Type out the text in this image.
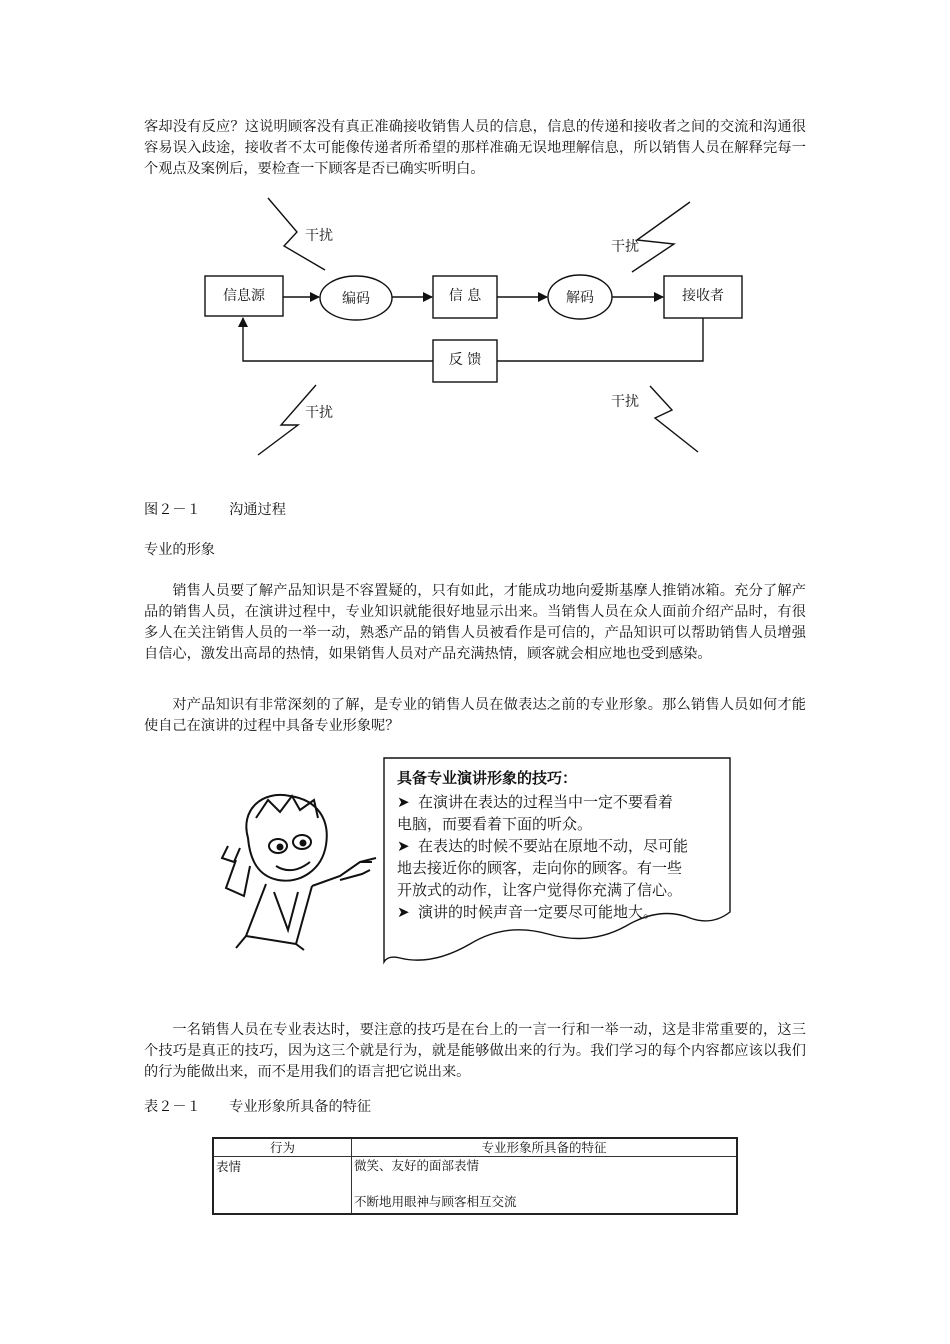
客却没有反应？这说明顾客没有真正准确接收销售人员的信息，信息的传递和接收者之间的交流和沟通很容易误入歧途，接收者不太可能像传递者所希望的那样准确无误地理解信息，所以销售人员在解释完每一个观点及案例后，要检查一下顾客是否已确实听明白。

信息源	编码	信 息	解码	接收者
反 馈
干扰
干扰
干扰
干扰

图２－１　　沟通过程

专业的形象

销售人员要了解产品知识是不容置疑的，只有如此，才能成功地向爱斯基摩人推销冰箱。充分了解产品的销售人员，在演讲过程中，专业知识就能很好地显示出来。当销售人员在众人面前介绍产品时，有很多人在关注销售人员的一举一动，熟悉产品的销售人员被看作是可信的，产品知识可以帮助销售人员增强自信心，激发出高昂的热情，如果销售人员对产品充满热情，顾客就会相应地也受到感染。

对产品知识有非常深刻的了解，是专业的销售人员在做表达之前的专业形象。那么销售人员如何才能使自己在演讲的过程中具备专业形象呢？

具备专业演讲形象的技巧：
➤ 在演讲在表达的过程当中一定不要看着
电脑，而要看着下面的听众。
➤ 在表达的时候不要站在原地不动，尽可能
地去接近你的顾客，走向你的顾客。有一些
开放式的动作，让客户觉得你充满了信心。
➤ 演讲的时候声音一定要尽可能地大。

一名销售人员在专业表达时，要注意的技巧是在台上的一言一行和一举一动，这是非常重要的，这三个技巧是真正的技巧，因为这三个就是行为，就是能够做出来的行为。我们学习的每个内容都应该以我们的行为能做出来，而不是用我们的语言把它说出来。

表２－１　　专业形象所具备的特征

行为	专业形象所具备的特征
表情	微笑、友好的面部表情

不断地用眼神与顾客相互交流
